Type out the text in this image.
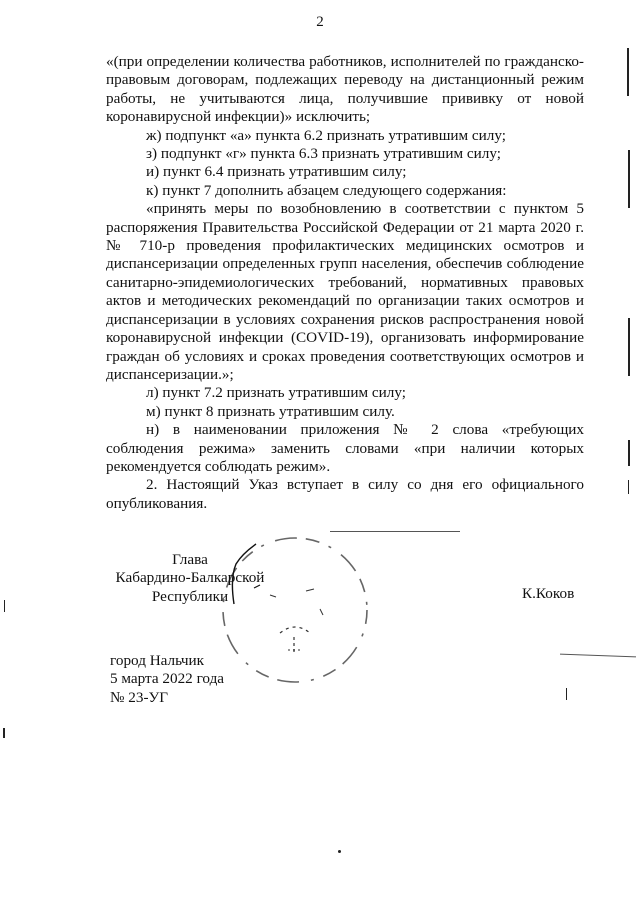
2

«(при определении количества работников, исполнителей по гражданско-правовым договорам, подлежащих переводу на дистанционный режим работы, не учитываются лица, получившие прививку от новой коронавирусной инфекции)» исключить;

ж) подпункт «а» пункта 6.2 признать утратившим силу;

з) подпункт «г» пункта 6.3 признать утратившим силу;

и) пункт 6.4 признать утратившим силу;

к) пункт 7 дополнить абзацем следующего содержания:

«принять меры по возобновлению в соответствии с пунктом 5 распоряжения Правительства Российской Федерации от 21 марта 2020 г. № 710-р проведения профилактических медицинских осмотров и диспансеризации определенных групп населения, обеспечив соблюдение санитарно-эпидемиологических требований, нормативных правовых актов и методических рекомендаций по организации таких осмотров и диспансеризации в условиях сохранения рисков распространения новой коронавирусной инфекции (COVID-19), организовать информирование граждан об условиях и сроках проведения соответствующих осмотров и диспансеризации.»;

л) пункт 7.2 признать утратившим силу;

м) пункт 8 признать утратившим силу.

н) в наименовании приложения № 2 слова «требующих соблюдения режима» заменить словами «при наличии которых рекомендуется соблюдать режим».

2. Настоящий Указ вступает в силу со дня его официального опубликования.

Глава
Кабардино-Балкарской
Республики	К.Коков
город Нальчик
5 марта 2022 года
№ 23-УГ
